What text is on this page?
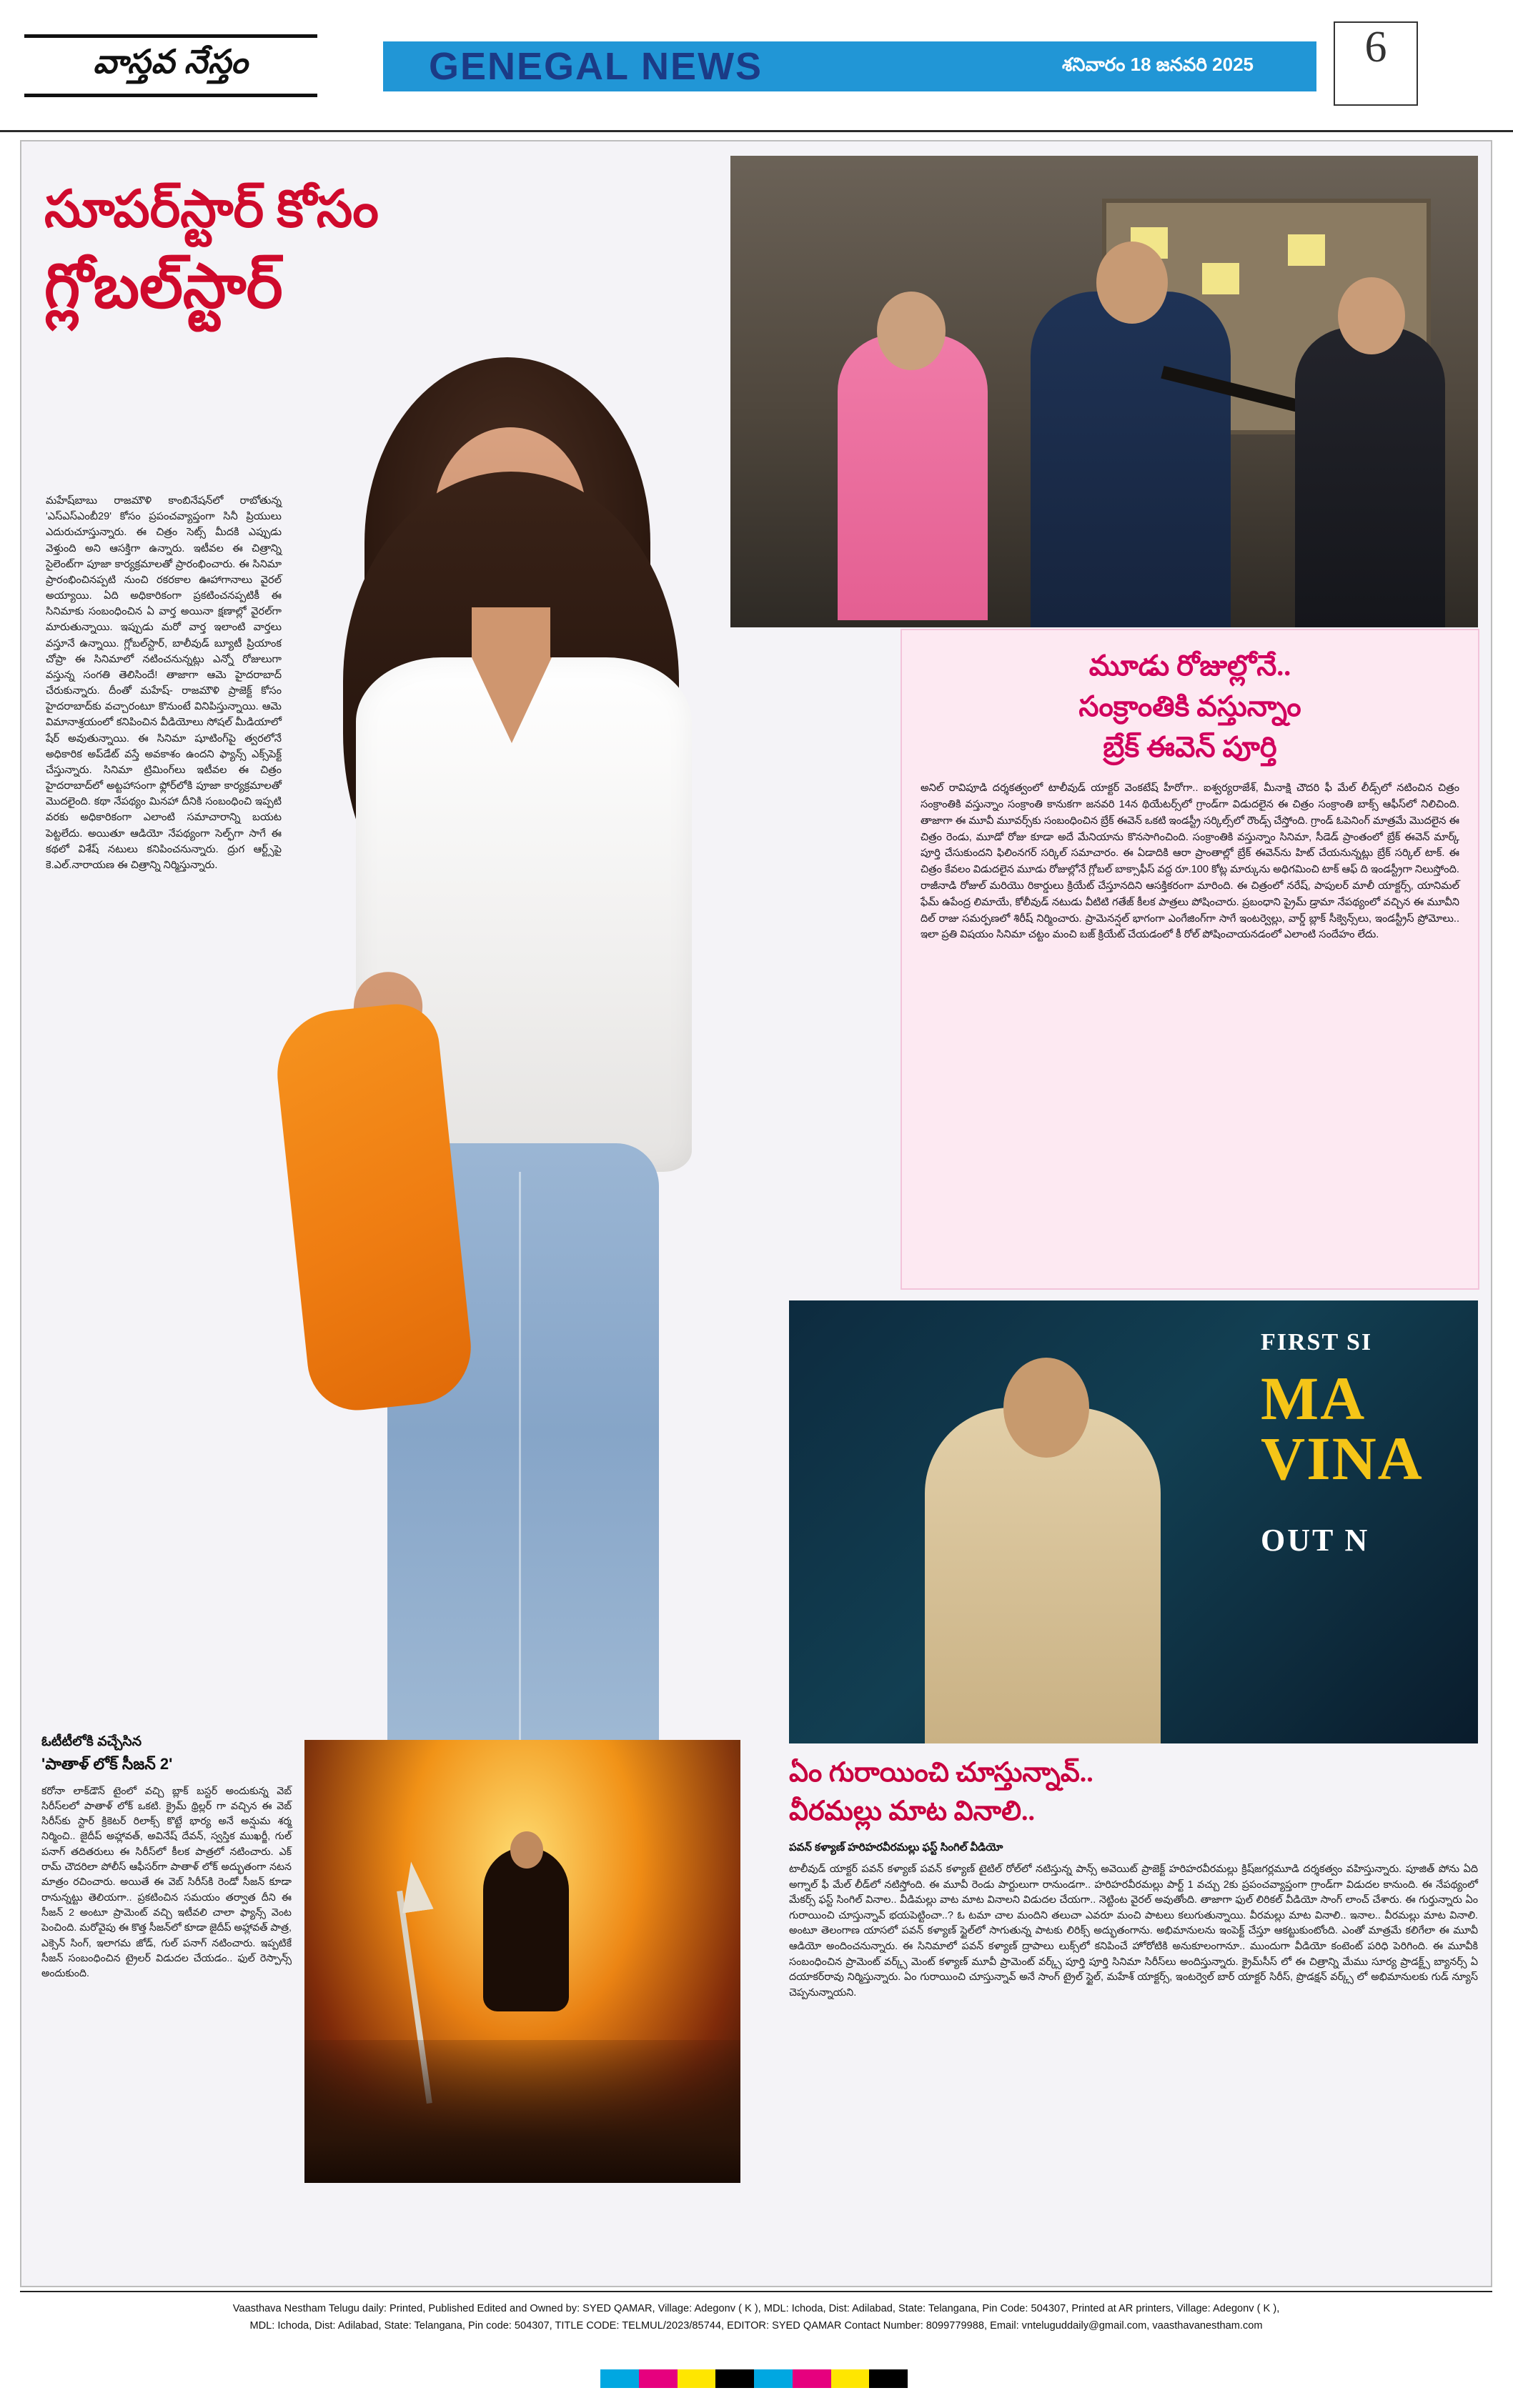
వాస్తవ నేస్తం	GENEGAL NEWS	శనివారం 18 జనవరి 2025	6
సూపర్‌స్టార్ కోసం
గ్లోబల్‌స్టార్
మహేష్‌బాబు రాజమౌళి కాంబినేషన్‌లో రాబోతున్న 'ఎస్‌ఎస్‌ఎంబీ29' కోసం ప్రపంచవ్యాప్తంగా సినీ ప్రియులు ఎదురుచూస్తున్నారు. ఈ చిత్రం సెట్స్‌ మీదకి ఎప్పుడు వెళ్తుంది అని ఆసక్తిగా ఉన్నారు. ఇటీవల ఈ చిత్రాన్ని సైలెంట్‌గా పూజా కార్యక్రమాలతో ప్రారంభించారు. ఈ సినిమా ప్రారంభించినప్పటి నుంచి రకరకాల ఊహాగానాలు వైరల్ అయ్యాయి. ఏది అధికారికంగా ప్రకటించనప్పటికీ ఈ సినిమాకు సంబంధించిన ఏ వార్త అయినా క్షణాల్లో వైరల్‌గా మారుతున్నాయి. ఇప్పుడు మరో వార్త ఇలాంటి వార్తలు వస్తూనే ఉన్నాయి. గ్లోబల్‌స్టార్, బాలీవుడ్ బ్యూటీ ప్రియాంక చోప్రా ఈ సినిమాలో నటించనున్నట్లు ఎన్నో రోజులుగా వస్తున్న సంగతి తెలిసిందే! తాజాగా ఆమె హైదరాబాద్ చేరుకున్నారు. దీంతో మహేష్- రాజమౌళి ప్రాజెక్ట్ కోసం హైదరాబాద్‌కు వచ్చారంటూ కొనుంటే వినిపిస్తున్నాయి. ఆమె విమానాశ్రయంలో కనిపించిన వీడియోలు సోషల్ మీడియాలో షేర్ అవుతున్నాయి. ఈ సినిమా షూటింగ్‌పై త్వరలోనే అధికారిక అప్‌డేట్ వస్తే అవకాశం ఉందని ఫ్యాన్స్ ఎక్స్‌పెక్ట్ చేస్తున్నారు. సినిమా ట్రిమింగ్‌లు ఇటీవల ఈ చిత్రం హైదరాబాద్‌లో అట్టహాసంగా ఫ్లోర్‌లోకి పూజా కార్యక్రమాలతో మొదలైంది. కథా నేపథ్యం మినహా దీనికి సంబంధించి ఇప్పటి వరకు అధికారికంగా ఎలాంటి సమాచారాన్ని బయట పెట్టలేదు. అయితూ ఆడియో నేపథ్యంగా సెల్ఫ్‌గా సాగే ఈ కథలో విశేష్ నటులు కనిపించనున్నారు. ద్రుగ ఆర్ట్స్‌పై కె.ఎల్.నారాయణ ఈ చిత్రాన్ని నిర్మిస్తున్నారు.
ఓటీటీలోకి వచ్చేసిన
'పాతాళ్ లోక్ సీజన్ 2'
కరోనా లాక్‌డౌన్ టైంలో వచ్చి బ్లాక్ బస్టర్ అందుకున్న వెబ్ సిరీస్‌లలో పాతాళ్ లోక్ ఒకటి. క్రైమ్ థ్రిల్లర్ గా వచ్చిన ఈ వెబ్ సిరీస్‌కు స్టార్ క్రికెటర్ రిలాక్స్ కొట్టే భార్య అనే అన్షుమ శర్మ నిర్మించి.. జైదీప్ అహ్లావత్, అవినేష్ దేవన్, స్వస్తిక ముఖర్జీ, గుల్ పనాగ్ తదితరులు ఈ సిరీస్‌లో కీలక పాత్రలో నటించారు. ఎక్ రామ్ చౌదరిలా పోలీస్ ఆఫీసర్‌గా పాతాళ్ లోక్ అద్భుతంగా నటన మాత్రం రచించారు. అయితే ఈ వెబ్ సిరీస్‌కి రెండో సీజన్ కూడా రానున్నట్టు తెలియగా.. ప్రకటించిన సమయం తర్వాత దీని ఈ సీజన్ 2 అంటూ ప్రామెంట్ వచ్చి ఇటీవలి చాలా ఫ్యాన్స్ వెంట పెంచింది. మరోవైపు ఈ కొత్త సీజన్‌లో కూడా జైదీప్ అహ్లావత్ పాత్ర, ఎక్సెన్ సింగ్, ఇలాగమ జోడ్, గుల్ పనాగ్ నటించారు. ఇప్పటికే సీజన్ సంబంధించిన ట్రైలర్ విడుదల చేయడం.. ఫుల్ రెస్పాన్స్ అందుకుంది.
మూడు రోజుల్లోనే..
సంక్రాంతికి వస్తున్నాం
బ్రేక్ ఈవెన్ పూర్తి
అనిల్ రావిపూడి దర్శకత్వంలో టాలీవుడ్ యాక్టర్ వెంకటేష్ హీరోగా.. ఐశ్వర్యరాజేశ్, మీనాక్షి చౌదరి ఫీ మేల్ లీడ్స్‌లో నటించిన చిత్రం సంక్రాంతికి వస్తున్నాం సంక్రాంతి కానుకగా జనవరి 14న థియేటర్స్‌లో గ్రాండ్‌గా విడుదలైన ఈ చిత్రం సంక్రాంతి బాక్స్ ఆఫీస్‌లో నిలిచింది. తాజాగా ఈ మూవీ మూవర్స్‌కు సంబంధించిన బ్రేక్ ఈవెన్ ఒకటి ఇండస్ట్రీ సర్కిల్స్‌లో రౌండ్స్ చేస్తోంది. గ్రాండ్ ఓపెనింగ్ మాత్రమే మొదలైన ఈ చిత్రం రెండు, మూడో రోజు కూడా అదే మేనియాను కొనసాగించింది. సంక్రాంతికి వస్తున్నాం సినిమా, సీడెడ్ ప్రాంతంలో బ్రేక్ ఈవెన్ మార్క్ పూర్తి చేసుకుందని ఫిలింనగర్ సర్కిల్ సమాచారం. ఈ ఏడాదికి ఆరా ప్రాంతాల్లో బ్రేక్ ఈవెన్‌ను హిట్ చేయనున్నట్లు బ్రేక్ సర్కిల్ టాక్. ఈ చిత్రం కేవలం విడుదలైన మూడు రోజుల్లోనే గ్లోబల్ బాక్సాఫీస్ వద్ద రూ.100 కోట్ల మార్కును అధిగమించి టాక్ ఆఫ్ ది ఇండస్ట్రీగా నిలుస్తోంది. రాజీనాడి రోజుల్ మరియొ రికార్డులు క్రియేట్ చేస్తూనదిని ఆసక్తికరంగా మారింది. ఈ చిత్రంలో నరేష్, పాపులర్ మాలీ యాక్టర్స్, యానిమల్ ఫేమ్ ఉపేంద్ర లిమాయే, కోలీవుడ్ నటుడు వీటిటి గతేజ్ కీలక పాత్రలు పోషించారు. ప్రబంధాని ప్రైమ్ డ్రామా నేపథ్యంలో వచ్చిన ఈ మూవీని దిల్ రాజు సమర్పణలో శిరీష్ నిర్మించారు. ప్రామెనన్షల్ భాగంగా ఎంగేజింగ్‌గా సాగే ఇంటర్వెల్లు, వార్డ్ బ్లాక్ సీక్వెన్స్‌లు, ఇండస్ట్రీస్ ప్రోమోలు.. ఇలా ప్రతి విషయం సినిమా చట్టం మంచి బజ్ క్రియేట్ చేయడంలో కీ రోల్ పోషించాయనడంలో ఎలాంటి సందేహం లేదు.
FIRST SI
MA VINA
OUT N
ఏం గురాయించి చూస్తున్నావ్..
వీరమల్లు మాట వినాలి..
పవన్ కళ్యాణ్ హరిహరవీరమల్లు ఫస్ట్ సింగిల్ వీడియో
టాలీవుడ్ యాక్టర్ పవన్ కళ్యాణ్ పవన్ కళ్యాణ్ టైటిల్ రోల్‌లో నటిస్తున్న పాన్స్ అవెయిట్ ప్రాజెక్ట్ హరిహరవీరమల్లు క్రిష్‌జగర్లమూడి దర్శకత్వం వహిస్తున్నారు. పూజిత్ పోను ఏది అగ్నాల్ ఫీ మేల్ లీడ్‌లో నటిస్తోంది. ఈ మూవీ రెండు పార్టులుగా రానుండగా.. హరిహరవీరమల్లు పార్ట్ 1 వచ్చు 2కు ప్రపంచవ్యాప్తంగా గ్రాండ్‌గా విడుదల కానుంది. ఈ నేపథ్యంలో మేకర్స్ ఫస్ట్ సింగిల్ వినాల.. వీడిమల్లు వాట మాట వినాలని విడుదల చేయగా.. నెట్టింట వైరల్ అవుతోంది. తాజాగా ఫుల్ లిరికల్ వీడియో సాంగ్ లాంచ్ చేశారు. ఈ గుర్తున్నారు ఏం గురాయించి చూస్తున్నావ్ భయపెట్టించా..? ఓ టమా చాల మందిని తలుచా ఎవరూ మంచి పాటలు కలుగుతున్నాయి. వీరమల్లు మాట వినాలి.. ఇనాల.. వీరమల్లు మాట వినాలి. అంటూ తెలంగాణ యాసలో పవన్ కళ్యాణ్ స్టైల్‌లో సాగుతున్న పాటకు లిరిక్స్ అద్భుతంగాను. అభిమానులను ఇంపెక్ట్ చేస్తూ ఆకట్టుకుంటోంది. ఎంతో మాత్రమే కలిగేలా ఈ మూవీ ఆడియో అందించనున్నారు. ఈ సినిమాలో పవన్ కళ్యాణ్ ద్రాపాలు లుక్స్‌లో కనిపించే హోరోటికి అనుకూలంగానూ.. ముందుగా వీడియో కంటెంట్ పరిధి పెరిగింది. ఈ మూవీకి సంబంధించిన ప్రామెంట్ వర్క్స్ మెంట్ కళ్యాణ్ మూవీ ప్రామెంట్ వర్క్స్ పూర్తి పూర్తి సినిమా సిరీస్‌లు అందిస్తున్నారు. క్రైమ్‌సీస్ లో ఈ చిత్రాన్ని మేము సూర్య ప్రాడక్ట్స్ బ్యానర్స్ ఏ దయాకర్‌రావు నిర్మిస్తున్నారు. ఏం గురాయించి చూస్తున్నావ్ అనే సాంగ్ ట్రైల్ స్టైల్, మహేశ్ యాక్టర్స్, ఇంటర్వెల్ బార్ యాక్టర్ సిరీస్, ప్రొడక్షన్ వర్క్స్ లో అభిమానులకు గుడ్ న్యూస్ చెప్పనున్నాయని.
Vaasthava Nestham Telugu daily: Printed, Published Edited and Owned by: SYED QAMAR, Village: Adegonv ( K ), MDL: Ichoda, Dist: Adilabad, State: Telangana, Pin Code: 504307, Printed at AR printers, Village: Adegonv ( K ),
MDL: Ichoda, Dist: Adilabad, State: Telangana, Pin code: 504307, TITLE CODE: TELMUL/2023/85744, EDITOR: SYED QAMAR Contact Number: 8099779988, Email: vnteluguddaily@gmail.com, vaasthavanestham.com
